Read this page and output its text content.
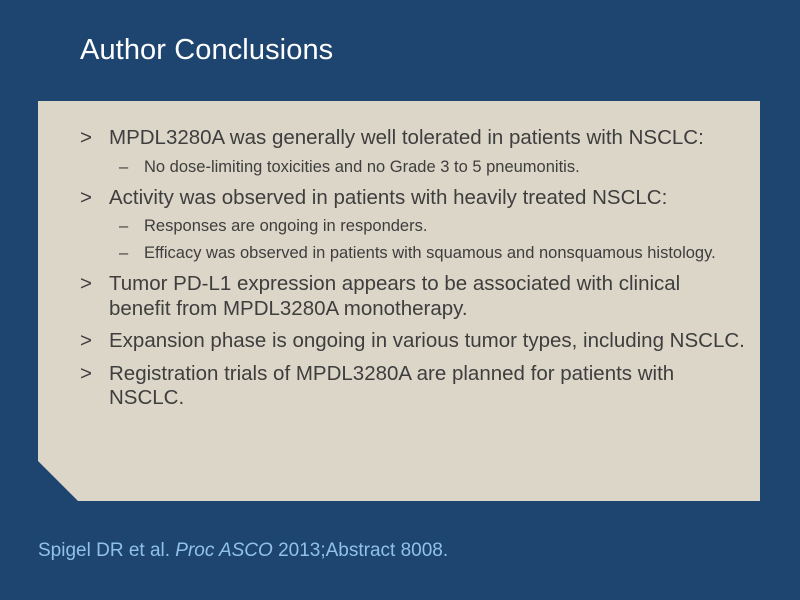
Author Conclusions
> MPDL3280A was generally well tolerated in patients with NSCLC:
– No dose-limiting toxicities and no Grade 3 to 5 pneumonitis.
> Activity was observed in patients with heavily treated NSCLC:
– Responses are ongoing in responders.
– Efficacy was observed in patients with squamous and nonsquamous histology.
> Tumor PD-L1 expression appears to be associated with clinical benefit from MPDL3280A monotherapy.
> Expansion phase is ongoing in various tumor types, including NSCLC.
> Registration trials of MPDL3280A are planned for patients with NSCLC.

Spigel DR et al. Proc ASCO 2013;Abstract 8008.
